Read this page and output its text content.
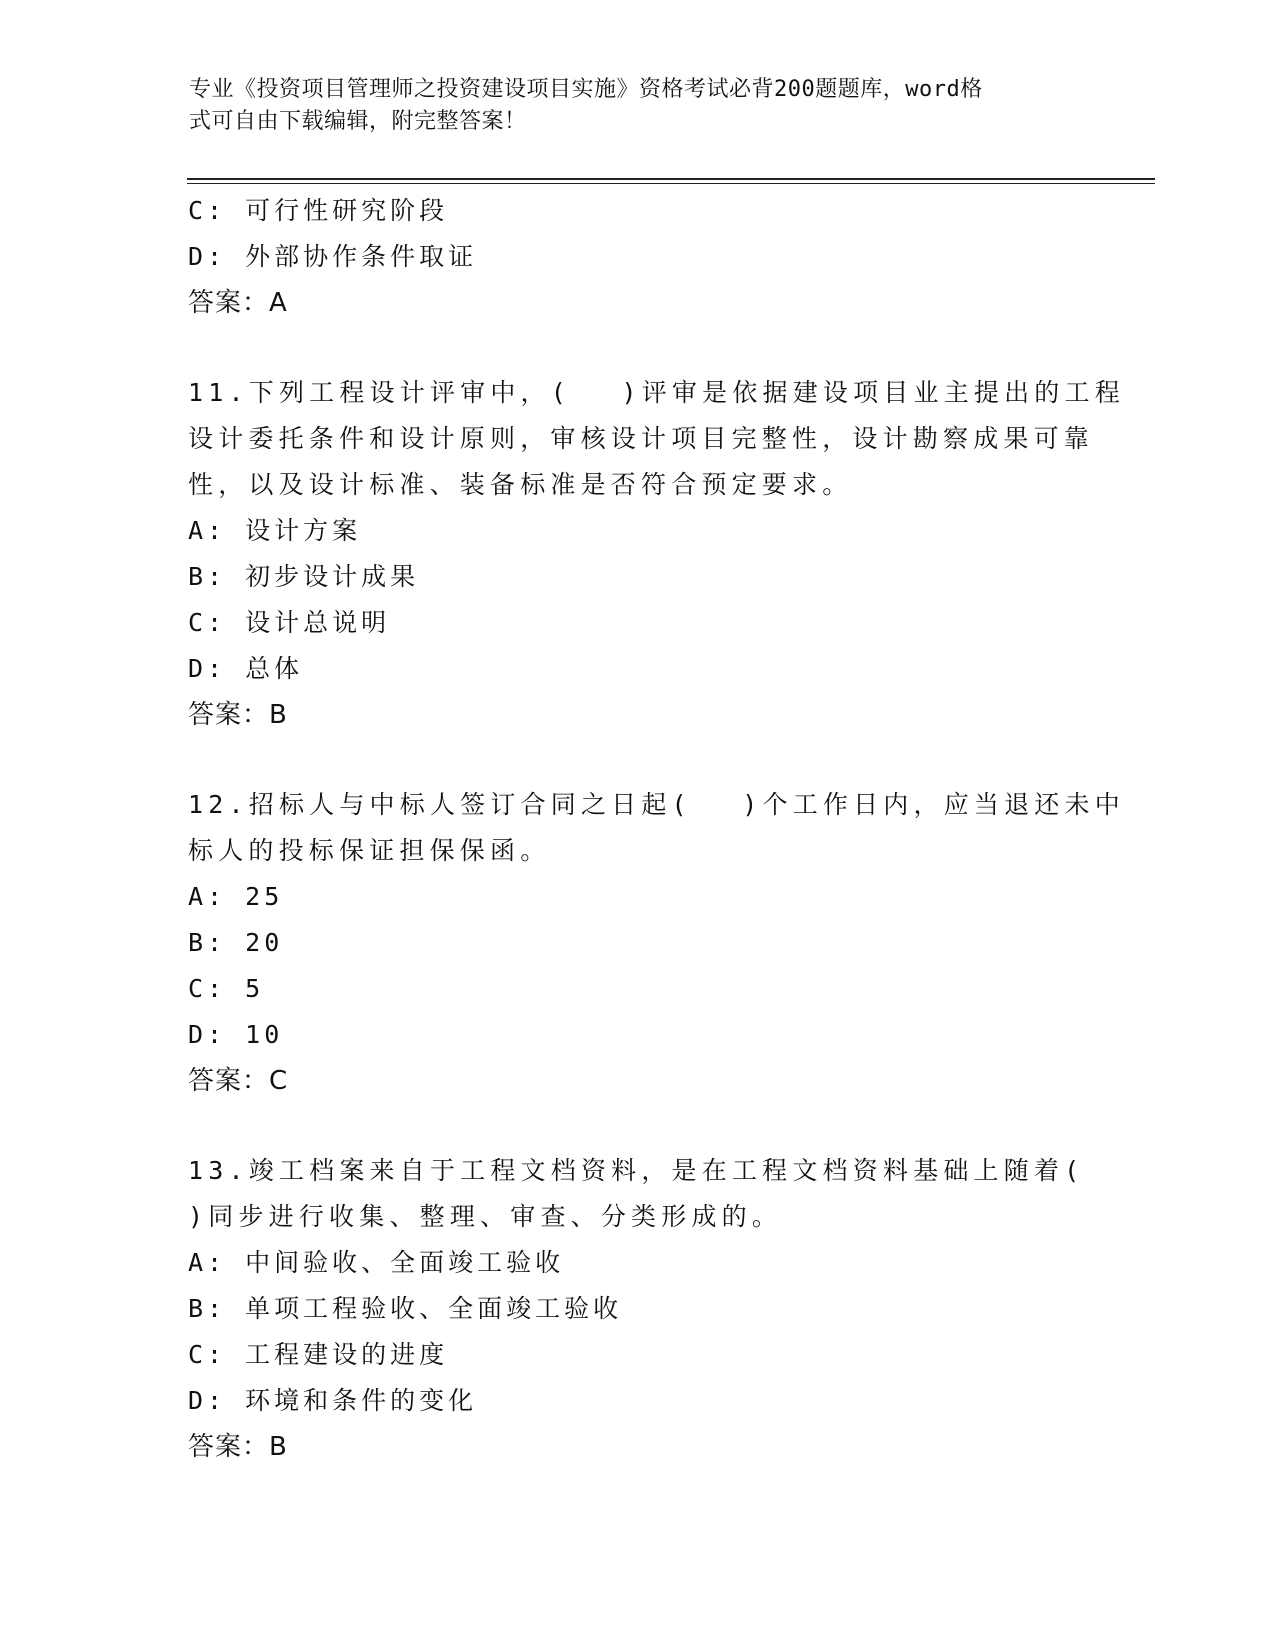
专业《投资项目管理师之投资建设项目实施》资格考试必背200题题库，word格
式可自由下载编辑，附完整答案！
C: 可行性研究阶段
D: 外部协作条件取证
答案：A
11.下列工程设计评审中，(　 )评审是依据建设项目业主提出的工程
设计委托条件和设计原则，审核设计项目完整性，设计勘察成果可靠
性，以及设计标准、装备标准是否符合预定要求。
A: 设计方案
B: 初步设计成果
C: 设计总说明
D: 总体
答案：B
12.招标人与中标人签订合同之日起(　 )个工作日内，应当退还未中
标人的投标保证担保保函。
A: 25
B: 20
C: 5
D: 10
答案：C
13.竣工档案来自于工程文档资料，是在工程文档资料基础上随着(
)同步进行收集、整理、审查、分类形成的。
A: 中间验收、全面竣工验收
B: 单项工程验收、全面竣工验收
C: 工程建设的进度
D: 环境和条件的变化
答案：B
